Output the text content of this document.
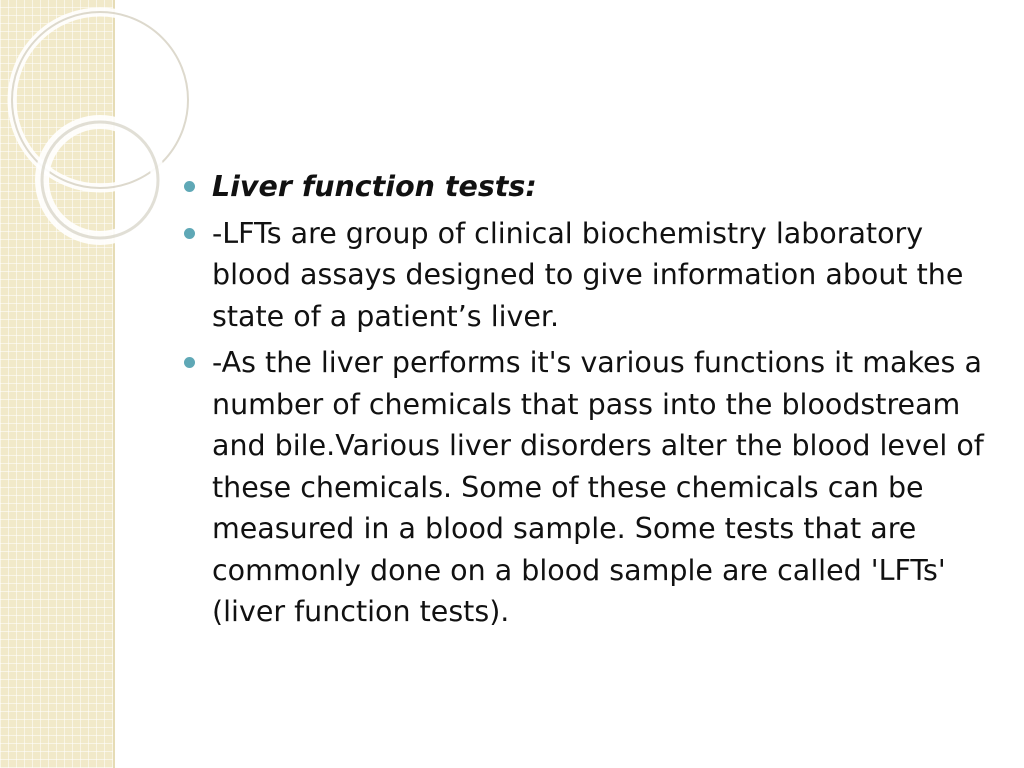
Liver function tests:
-LFTs are group of clinical biochemistry laboratory blood assays designed to give information about the state of a patient’s liver.
-As the liver performs it's various functions it makes a number of chemicals that pass into the bloodstream and bile.Various liver disorders alter the blood level of these chemicals. Some of these chemicals can be measured in a blood sample. Some tests that are commonly done on a blood sample are called 'LFTs' (liver function tests).
